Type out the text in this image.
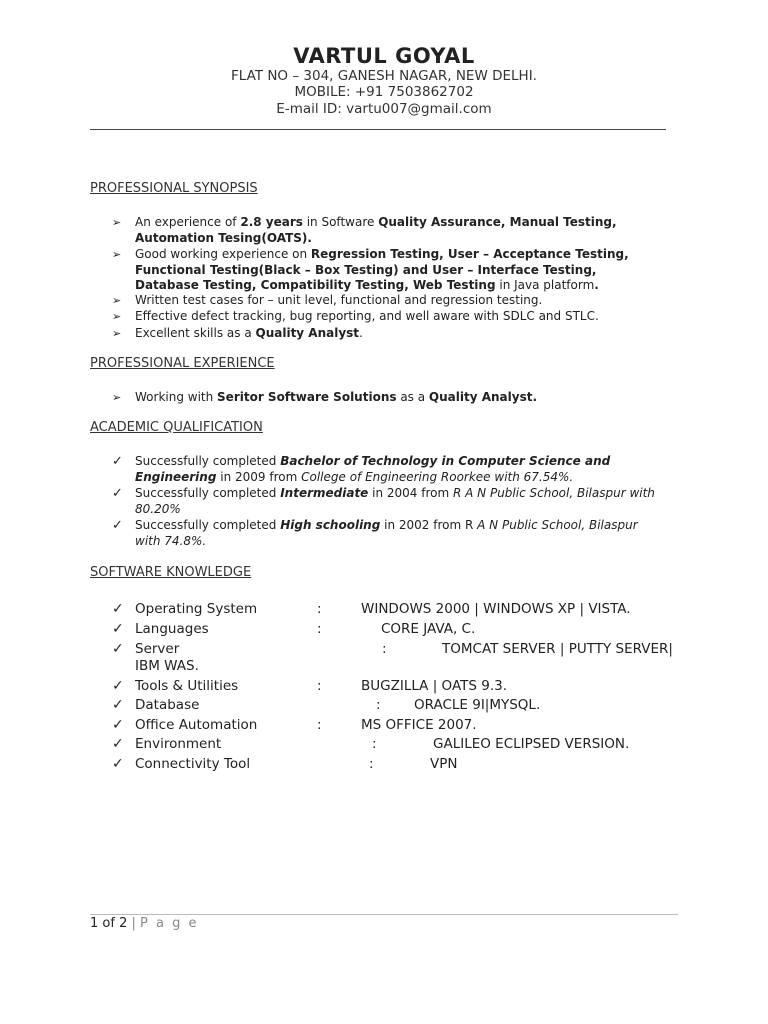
VARTUL GOYAL
FLAT NO – 304, GANESH NAGAR, NEW DELHI.
MOBILE: +91 7503862702
E-mail ID: vartu007@gmail.com
PROFESSIONAL SYNOPSIS
➢	An experience of 2.8 years in Software Quality Assurance, Manual Testing,
Automation Tesing(OATS).
➢	Good working experience on Regression Testing, User – Acceptance Testing,
Functional Testing(Black – Box Testing) and User – Interface Testing,
Database Testing, Compatibility Testing, Web Testing in Java platform.
➢	Written test cases for – unit level, functional and regression testing.
➢	Effective defect tracking, bug reporting, and well aware with SDLC and STLC.
➢	Excellent skills as a Quality Analyst.
PROFESSIONAL EXPERIENCE
➢	Working with Seritor Software Solutions as a Quality Analyst.
ACADEMIC QUALIFICATION
✓	Successfully completed Bachelor of Technology in Computer Science and
Engineering in 2009 from College of Engineering Roorkee with 67.54%.
✓	Successfully completed Intermediate in 2004 from R A N Public School, Bilaspur with
80.20%
✓	Successfully completed High schooling in 2002 from R A N Public School, Bilaspur
with 74.8%.
SOFTWARE KNOWLEDGE
✓ Operating System	:	WINDOWS 2000 | WINDOWS XP | VISTA.
✓ Languages	:	CORE JAVA, C.
✓ Server	:	TOMCAT SERVER | PUTTY SERVER|
IBM WAS.
✓ Tools & Utilities	:	BUGZILLA | OATS 9.3.
✓ Database	: ORACLE 9I|MYSQL.
✓ Office Automation	:	MS OFFICE 2007.
✓ Environment	:	GALILEO ECLIPSED VERSION.
✓ Connectivity Tool	:	VPN
1 of 2 | P a g e
